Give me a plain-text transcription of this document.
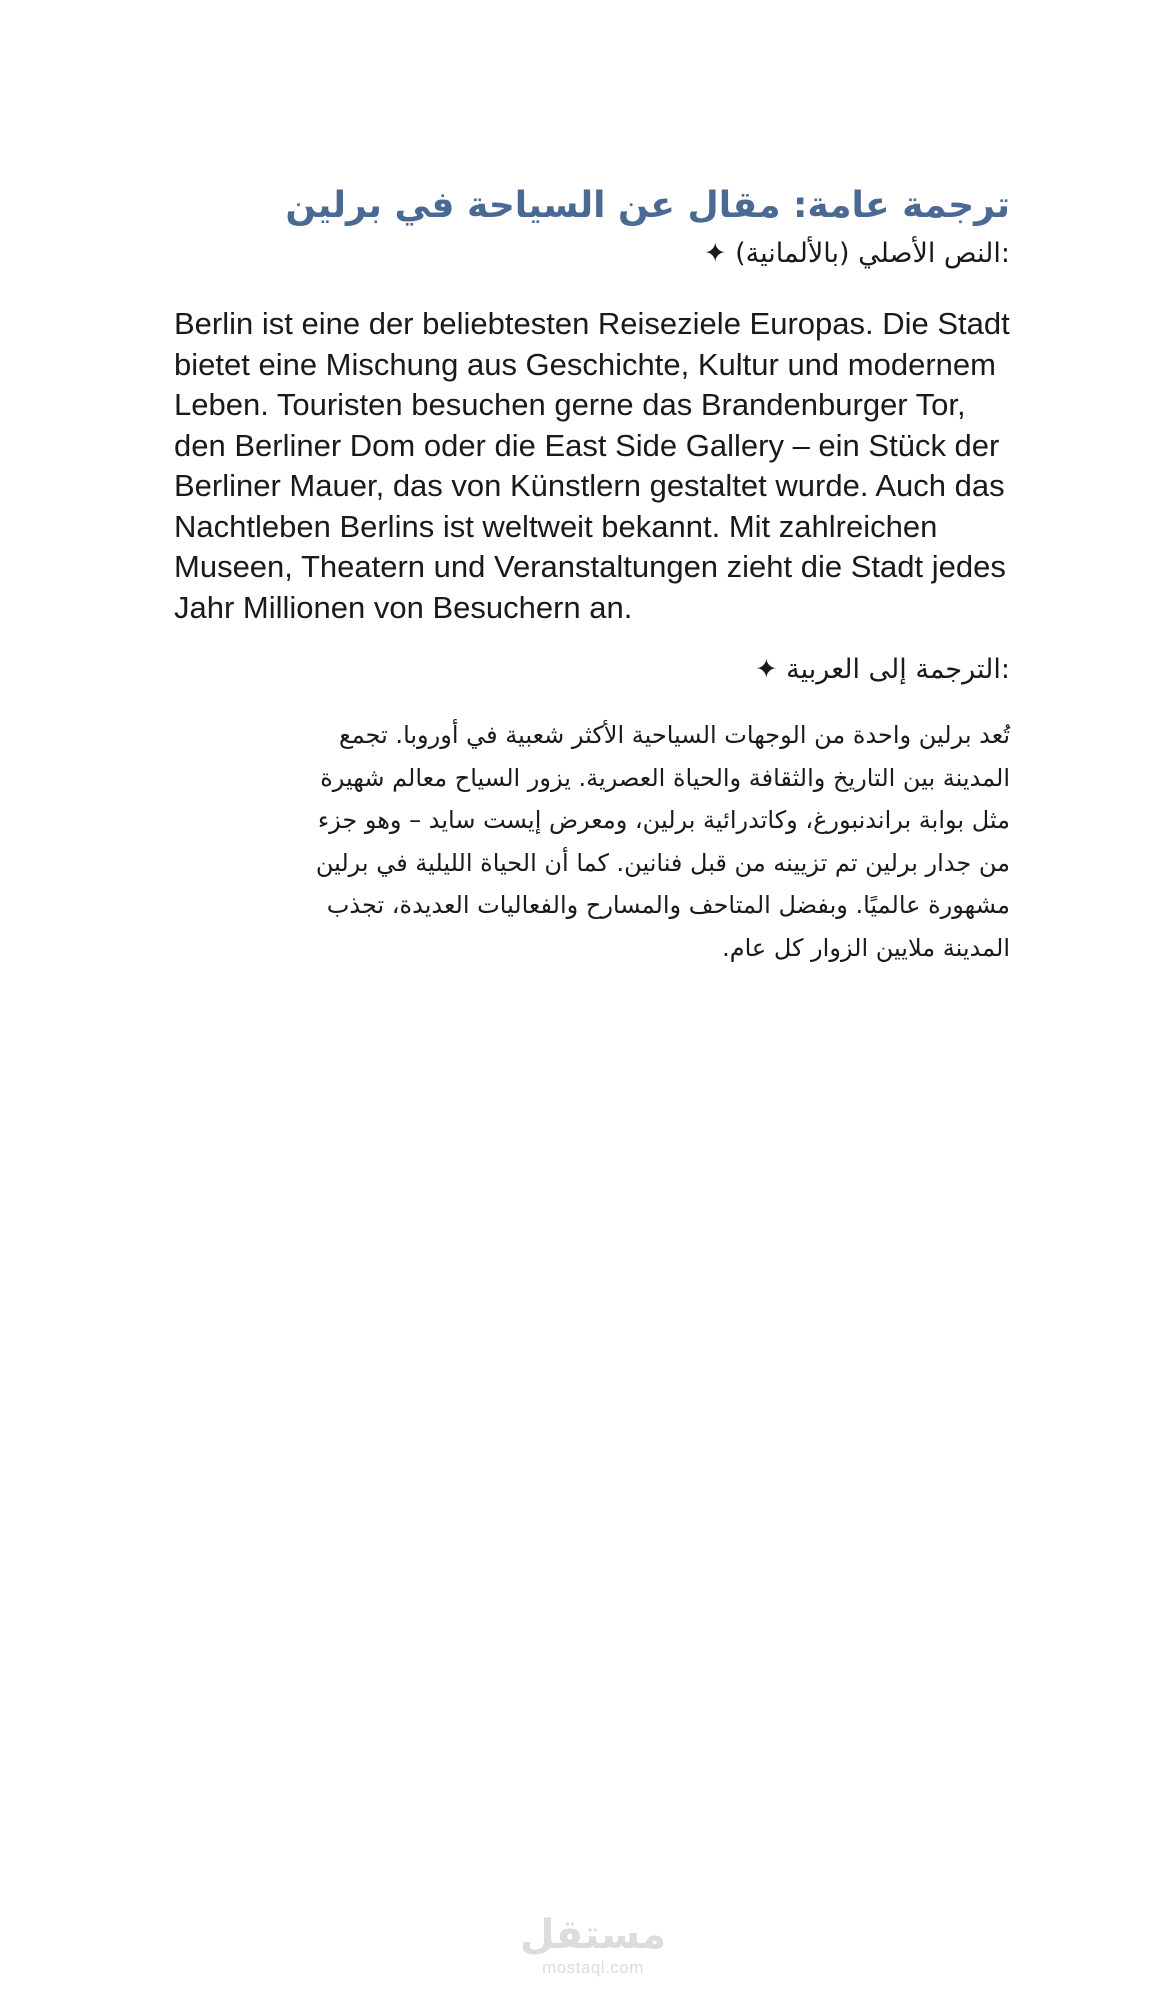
ترجمة عامة: مقال عن السياحة في برلين

✦ النص الأصلي (بالألمانية):

Berlin ist eine der beliebtesten Reiseziele Europas. Die Stadt bietet eine Mischung aus Geschichte, Kultur und modernem Leben. Touristen besuchen gerne das Brandenburger Tor, den Berliner Dom oder die East Side Gallery – ein Stück der Berliner Mauer, das von Künstlern gestaltet wurde. Auch das Nachtleben Berlins ist weltweit bekannt. Mit zahlreichen Museen, Theatern und Veranstaltungen zieht die Stadt jedes Jahr Millionen von Besuchern an.

✦ الترجمة إلى العربية:

تُعد برلين واحدة من الوجهات السياحية الأكثر شعبية في أوروبا. تجمع
المدينة بين التاريخ والثقافة والحياة العصرية. يزور السياح معالم شهيرة
مثل بوابة براندنبورغ، وكاتدرائية برلين، ومعرض إيست سايد – وهو جزء
من جدار برلين تم تزيينه من قبل فنانين. كما أن الحياة الليلية في برلين
مشهورة عالميًا. وبفضل المتاحف والمسارح والفعاليات العديدة، تجذب
المدينة ملايين الزوار كل عام.

مستقل
mostaql.com
